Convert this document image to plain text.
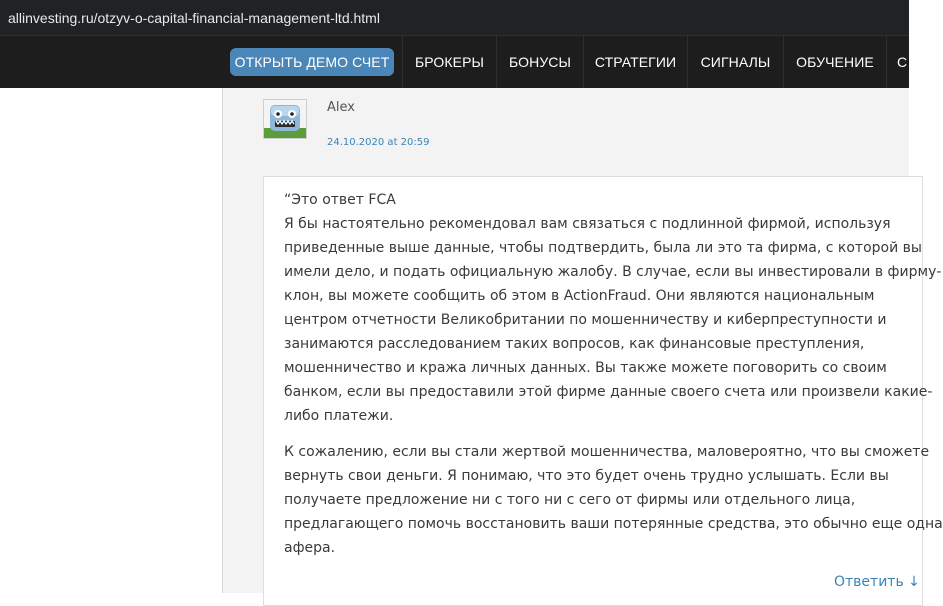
allinvesting.ru/otzyv-o-capital-financial-management-ltd.html
ОТКРЫТЬ ДЕМО СЧЕТ	БРОКЕРЫ	БОНУСЫ	СТРАТЕГИИ	СИГНАЛЫ	ОБУЧЕНИЕ	С
Alex
24.10.2020 at 20:59

“Это ответ FCA
Я бы настоятельно рекомендовал вам связаться с подлинной фирмой, используя
приведенные выше данные, чтобы подтвердить, была ли это та фирма, с которой вы
имели дело, и подать официальную жалобу. В случае, если вы инвестировали в фирму-
клон, вы можете сообщить об этом в ActionFraud. Они являются национальным
центром отчетности Великобритании по мошенничеству и киберпреступности и
занимаются расследованием таких вопросов, как финансовые преступления,
мошенничество и кража личных данных. Вы также можете поговорить со своим
банком, если вы предоставили этой фирме данные своего счета или произвели какие-
либо платежи.

К сожалению, если вы стали жертвой мошенничества, маловероятно, что вы сможете
вернуть свои деньги. Я понимаю, что это будет очень трудно услышать. Если вы
получаете предложение ни с того ни с сего от фирмы или отдельного лица,
предлагающего помочь восстановить ваши потерянные средства, это обычно еще одна
афера.

Ответить ↓
